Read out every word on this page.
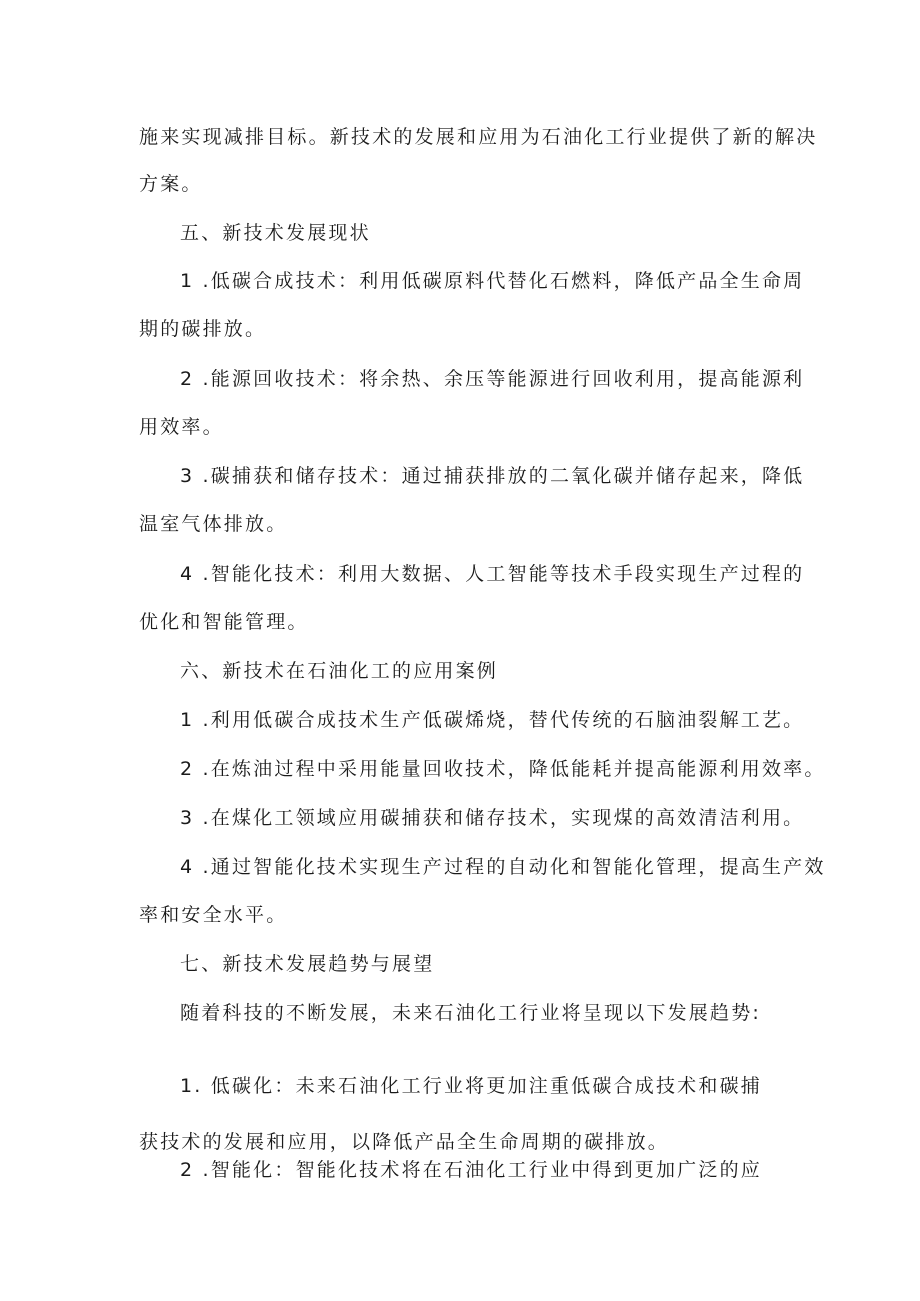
施来实现减排目标。新技术的发展和应用为石油化工行业提供了新的解决
方案。
五、新技术发展现状
1 .低碳合成技术：利用低碳原料代替化石燃料，降低产品全生命周
期的碳排放。
2 .能源回收技术：将余热、余压等能源进行回收利用，提高能源利
用效率。
3 .碳捕获和储存技术：通过捕获排放的二氧化碳并储存起来，降低
温室气体排放。
4 .智能化技术：利用大数据、人工智能等技术手段实现生产过程的
优化和智能管理。
六、新技术在石油化工的应用案例
1 .利用低碳合成技术生产低碳烯烧，替代传统的石脑油裂解工艺。
2 .在炼油过程中采用能量回收技术，降低能耗并提高能源利用效率。
3 .在煤化工领域应用碳捕获和储存技术，实现煤的高效清洁利用。
4 .通过智能化技术实现生产过程的自动化和智能化管理，提高生产效
率和安全水平。
七、新技术发展趋势与展望
随着科技的不断发展，未来石油化工行业将呈现以下发展趋势:
1. 低碳化：未来石油化工行业将更加注重低碳合成技术和碳捕
获技术的发展和应用，以降低产品全生命周期的碳排放。
2 .智能化：智能化技术将在石油化工行业中得到更加广泛的应
